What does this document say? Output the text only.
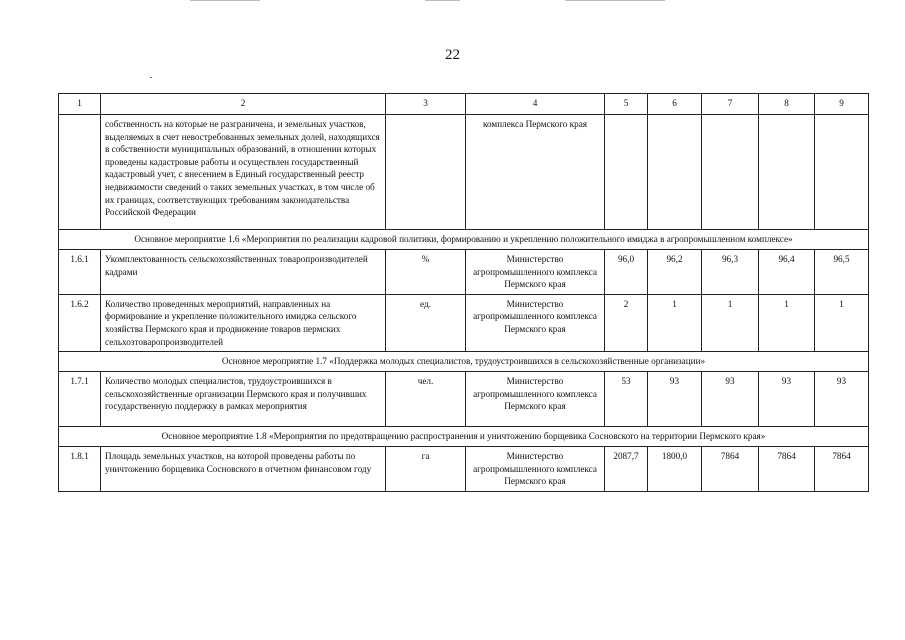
22
1	2	3	4	5	6	7	8	9
	собственность на которые не разграничена, и земельных участков, выделяемых в счет невостребованных земельных долей, находящихся в собственности муниципальных образований, в отношении которых проведены кадастровые работы и осуществлен государственный кадастровый учет, с внесением в Единый государственный реестр недвижимости сведений о таких земельных участках, в том числе об их границах, соответствующих требованиям законодательства Российской Федерации		комплекса Пермского края					
Основное мероприятие 1.6 «Мероприятия по реализации кадровой политики, формированию и укреплению положительного имиджа в агропромышленном комплексе»								
1.6.1	Укомплектованность сельскохозяйственных товаропроизводителей кадрами	%	Министерство агропромышленного комплекса Пермского края	96,0	96,2	96,3	96,4	96,5
1.6.2	Количество проведенных мероприятий, направленных на формирование и укрепление положительного имиджа сельского хозяйства Пермского края и продвижение товаров пермских сельхозтоваропроизводителей	ед.	Министерство агропромышленного комплекса Пермского края	2	1	1	1	1
Основное мероприятие 1.7 «Поддержка молодых специалистов, трудоустроившихся в сельскохозяйственные организации»								
1.7.1	Количество молодых специалистов, трудоустроившихся в сельскохозяйственные организации Пермского края и получивших государственную поддержку в рамках мероприятия	чел.	Министерство агропромышленного комплекса Пермского края	53	93	93	93	93
Основное мероприятие 1.8 «Мероприятия по предотвращению распространения и уничтожению борщевика Сосновского на территории Пермского края»								
1.8.1	Площадь земельных участков, на которой проведены работы по уничтожению борщевика Сосновского в отчетном финансовом году	га	Министерство агропромышленного комплекса Пермского края	2087,7	1800,0	7864	7864	7864
